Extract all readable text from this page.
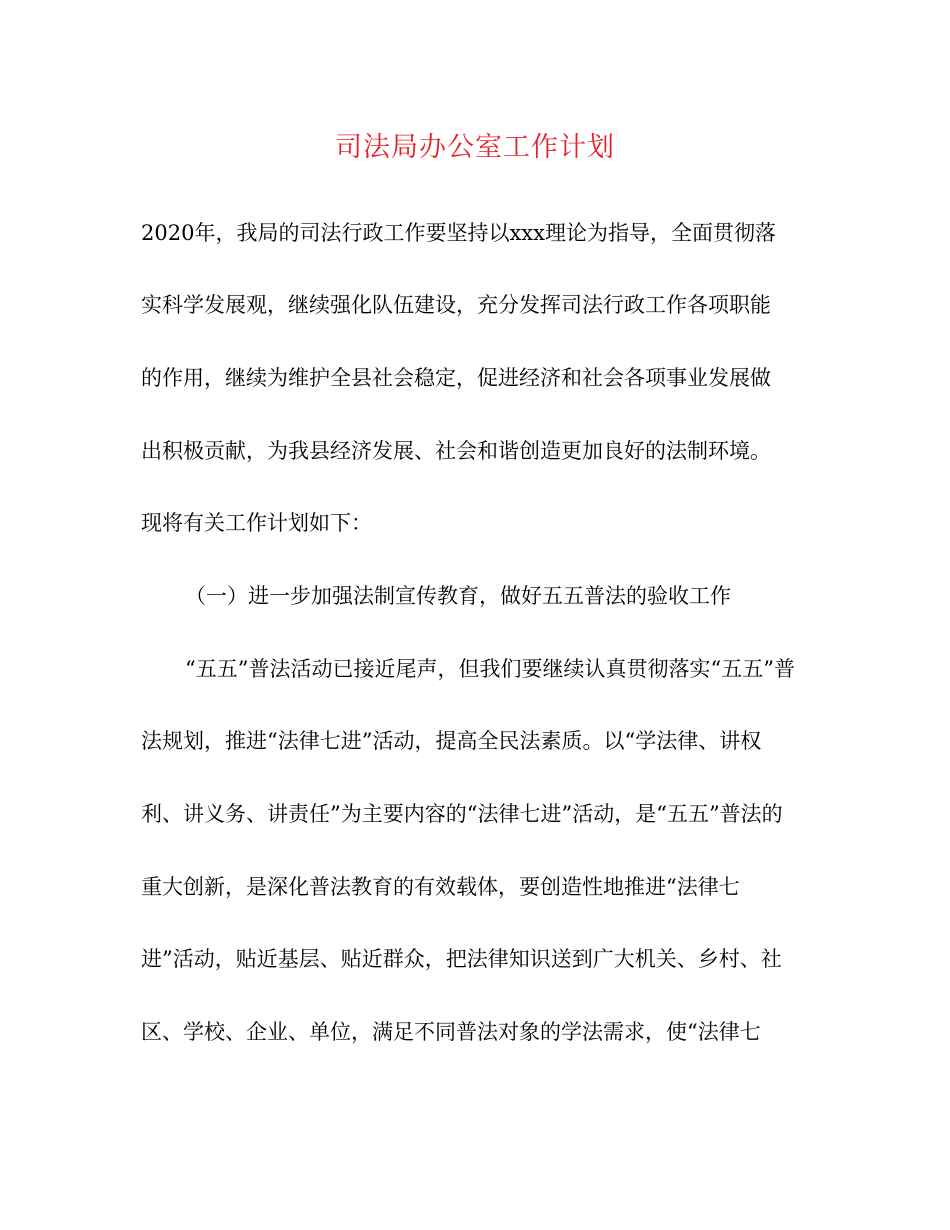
司法局办公室工作计划
2020年，我局的司法行政工作要坚持以xxx理论为指导，全面贯彻落
实科学发展观，继续强化队伍建设，充分发挥司法行政工作各项职能
的作用，继续为维护全县社会稳定，促进经济和社会各项事业发展做
出积极贡献，为我县经济发展、社会和谐创造更加良好的法制环境。
现将有关工作计划如下：
（一）进一步加强法制宣传教育，做好五五普法的验收工作
“五五”普法活动已接近尾声，但我们要继续认真贯彻落实“五五”普
法规划，推进“法律七进”活动，提高全民法素质。以“学法律、讲权
利、讲义务、讲责任”为主要内容的“法律七进”活动，是“五五”普法的
重大创新，是深化普法教育的有效载体，要创造性地推进“法律七
进”活动，贴近基层、贴近群众，把法律知识送到广大机关、乡村、社
区、学校、企业、单位，满足不同普法对象的学法需求，使“法律七
